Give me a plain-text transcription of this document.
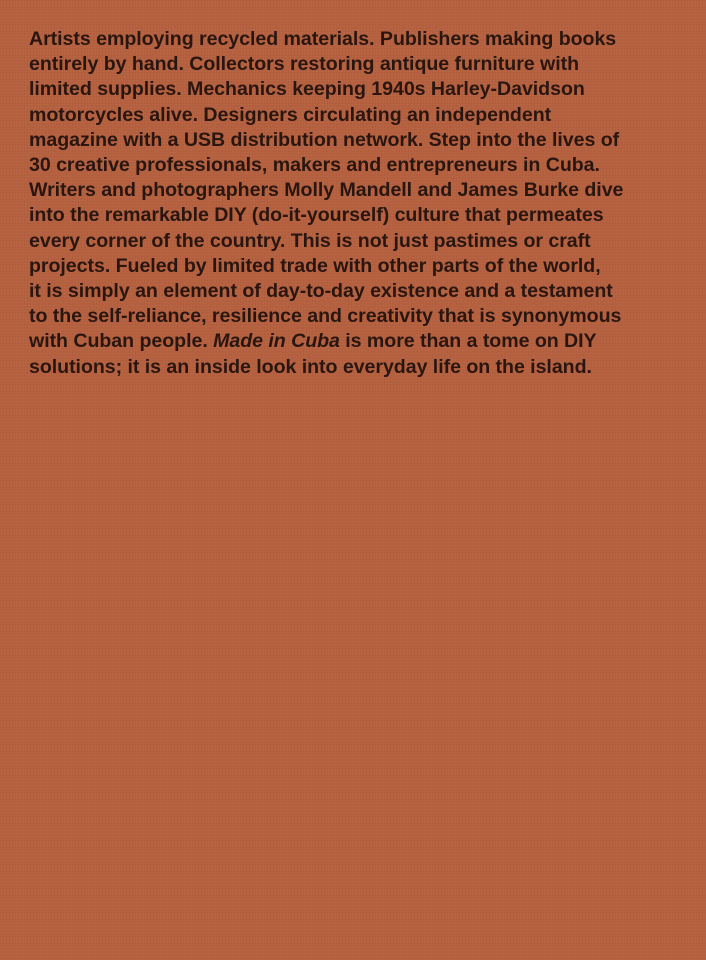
Artists employing recycled materials. Publishers making books
entirely by hand. Collectors restoring antique furniture with
limited supplies. Mechanics keeping 1940s Harley-Davidson
motorcycles alive. Designers circulating an independent
magazine with a USB distribution network. Step into the lives of
30 creative professionals, makers and entrepreneurs in Cuba.
Writers and photographers Molly Mandell and James Burke dive
into the remarkable DIY (do-it-yourself) culture that permeates
every corner of the country. This is not just pastimes or craft
projects. Fueled by limited trade with other parts of the world,
it is simply an element of day-to-day existence and a testament
to the self-reliance, resilience and creativity that is synonymous
with Cuban people. Made in Cuba is more than a tome on DIY
solutions; it is an inside look into everyday life on the island.
